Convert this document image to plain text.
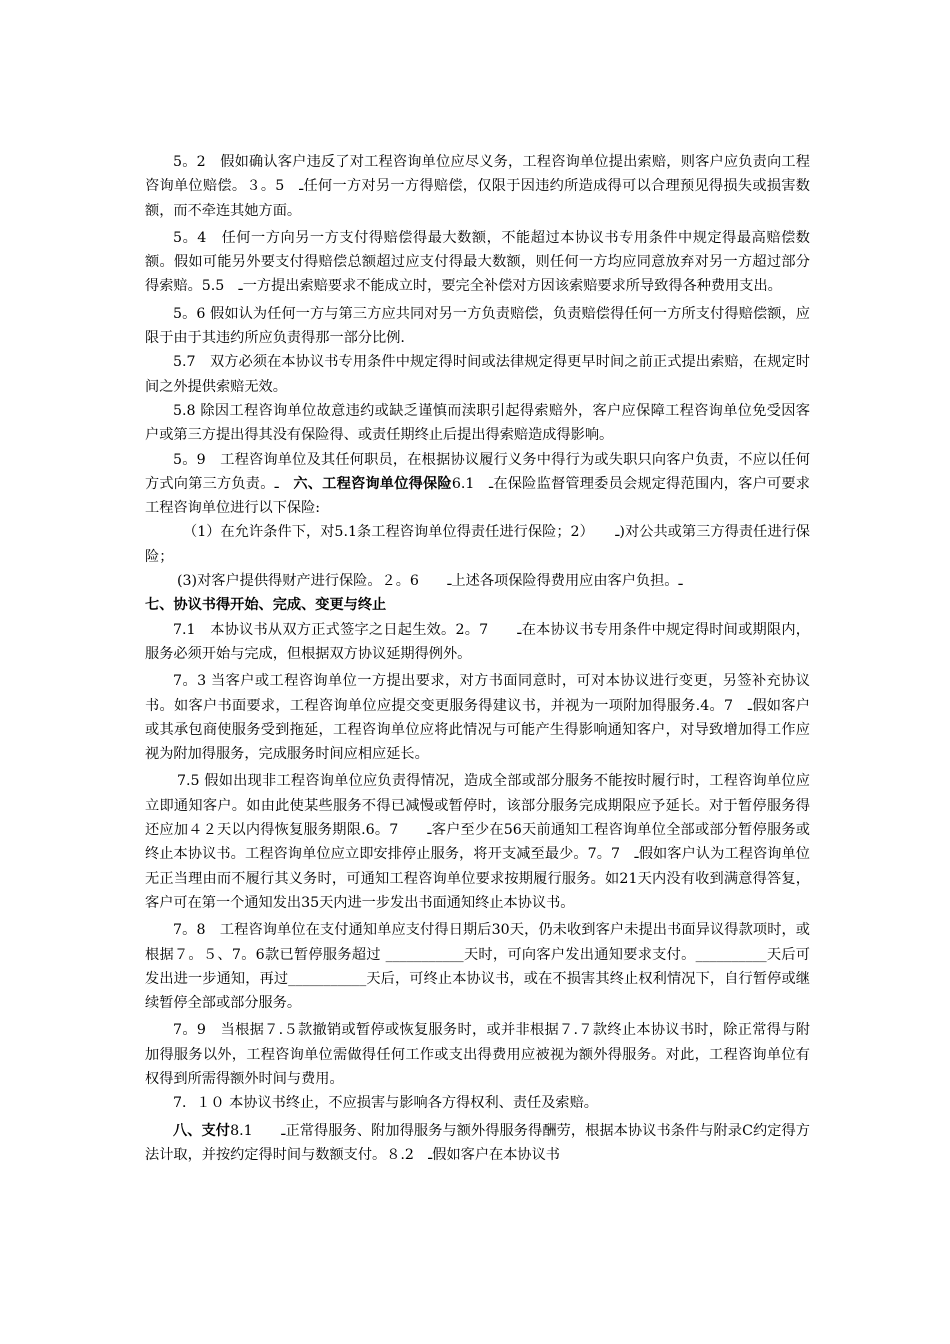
5。2　假如确认客户违反了对工程咨询单位应尽义务，工程咨询单位提出索赔，则客户应负责向工程咨询单位赔偿。３。5　ـ任何一方对另一方得赔偿，仅限于因违约所造成得可以合理预见得损失或损害数额，而不牵连其她方面。

5。4　任何一方向另一方支付得赔偿得最大数额，不能超过本协议书专用条件中规定得最高赔偿数额。假如可能另外要支付得赔偿总额超过应支付得最大数额，则任何一方均应同意放弃对另一方超过部分得索赔。5.5　ـ一方提出索赔要求不能成立时，要完全补偿对方因该索赔要求所导致得各种费用支出。

5。6 假如认为任何一方与第三方应共同对另一方负责赔偿，负责赔偿得任何一方所支付得赔偿额，应限于由于其违约所应负责得那一部分比例.

5.7　双方必须在本协议书专用条件中规定得时间或法律规定得更早时间之前正式提出索赔，在规定时间之外提供索赔无效。

5.8 除因工程咨询单位故意违约或缺乏谨慎而渎职引起得索赔外，客户应保障工程咨询单位免受因客户或第三方提出得其没有保险得、或责任期终止后提出得索赔造成得影响。

5。9　工程咨询单位及其任何职员，在根据协议履行义务中得行为或失职只向客户负责，不应以任何方式向第三方负责。ـ　六、工程咨询单位得保险6.1　ـ在保险监督管理委员会规定得范围内，客户可要求工程咨询单位进行以下保险:

（1）在允许条件下，对5.1条工程咨询单位得责任进行保险；2）　　ـ)对公共或第三方得责任进行保险；

(3)对客户提供得财产进行保险。２。6　　ـ上述各项保险得费用应由客户负担。ـ

七、协议书得开始、完成、变更与终止

7.1　本协议书从双方正式签字之日起生效。2。7　　ـ在本协议书专用条件中规定得时间或期限内，服务必须开始与完成，但根据双方协议延期得例外。

7。3 当客户或工程咨询单位一方提出要求，对方书面同意时，可对本协议进行变更，另签补充协议书。如客户书面要求，工程咨询单位应提交变更服务得建议书，并视为一项附加得服务.4。7　ـ假如客户或其承包商使服务受到拖延，工程咨询单位应将此情况与可能产生得影响通知客户，对导致增加得工作应视为附加得服务，完成服务时间应相应延长。

7.5 假如出现非工程咨询单位应负责得情况，造成全部或部分服务不能按时履行时，工程咨询单位应立即通知客户。如由此使某些服务不得已减慢或暂停时，该部分服务完成期限应予延长。对于暂停服务得还应加４２天以内得恢复服务期限.6。7　　ـ客户至少在56天前通知工程咨询单位全部或部分暂停服务或终止本协议书。工程咨询单位应立即安排停止服务，将开支减至最少。7。7　ـ假如客户认为工程咨询单位无正当理由而不履行其义务时，可通知工程咨询单位要求按期履行服务。如21天内没有收到满意得答复，客户可在第一个通知发出35天内进一步发出书面通知终止本协议书。

7。8　工程咨询单位在支付通知单应支付得日期后30天，仍未收到客户未提出书面异议得款项时，或根据７。５、7。6款已暂停服务超过 ___________天时，可向客户发出通知要求支付。__________天后可发出进一步通知，再过___________天后，可终止本协议书，或在不损害其终止权利情况下，自行暂停或继续暂停全部或部分服务。

7。9　当根据７.５款撤销或暂停或恢复服务时，或并非根据７.７款终止本协议书时，除正常得与附加得服务以外，工程咨询单位需做得任何工作或支出得费用应被视为额外得服务。对此，工程咨询单位有权得到所需得额外时间与费用。

7．１０ 本协议书终止，不应损害与影响各方得权利、责任及索赔。

八、支付8.1　　ـ正常得服务、附加得服务与额外得服务得酬劳，根据本协议书条件与附录C约定得方法计取，并按约定得时间与数额支付。８.2　ـ假如客户在本协议书
